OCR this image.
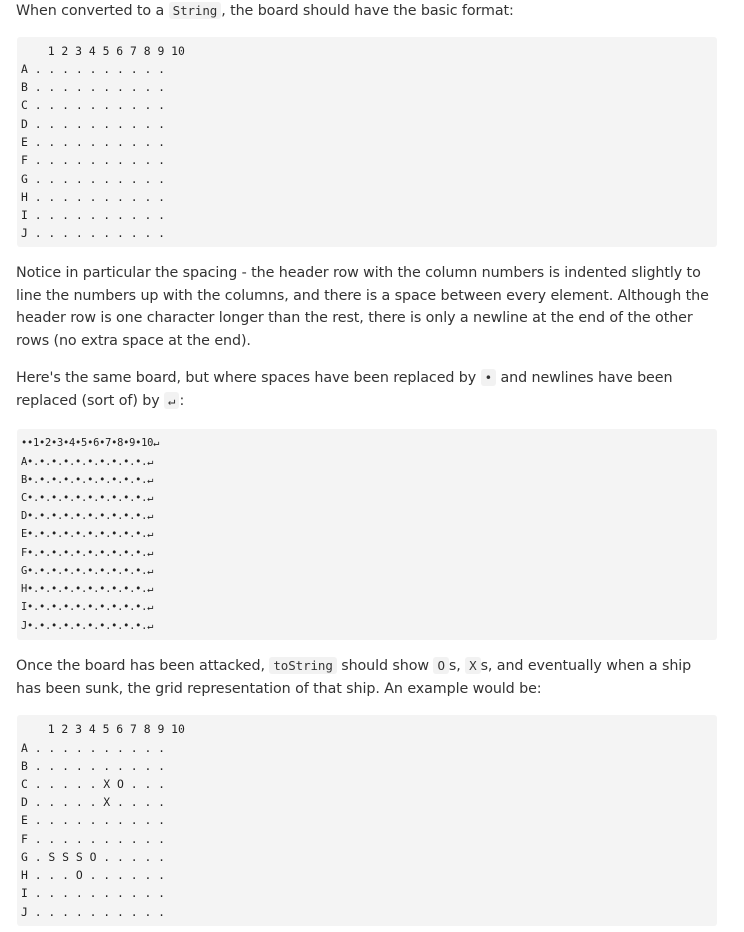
When converted to a String , the board should have the basic format:

1 2 3 4 5 6 7 8 9 10
A . . . . . . . . . .
B . . . . . . . . . .
C . . . . . . . . . .
D . . . . . . . . . .
E . . . . . . . . . .
F . . . . . . . . . .
G . . . . . . . . . .
H . . . . . . . . . .
I . . . . . . . . . .
J . . . . . . . . . .

Notice in particular the spacing - the header row with the column numbers is indented slightly to line the numbers up with the columns, and there is a space between every element. Although the header row is one character longer than the rest, there is only a newline at the end of the other rows (no extra space at the end).

Here's the same board, but where spaces have been replaced by • and newlines have been replaced (sort of) by ↵ :

••1•2•3•4•5•6•7•8•9•10↵
A•.•.•.•.•.•.•.•.•.•.↵
B•.•.•.•.•.•.•.•.•.•.↵
C•.•.•.•.•.•.•.•.•.•.↵
D•.•.•.•.•.•.•.•.•.•.↵
E•.•.•.•.•.•.•.•.•.•.↵
F•.•.•.•.•.•.•.•.•.•.↵
G•.•.•.•.•.•.•.•.•.•.↵
H•.•.•.•.•.•.•.•.•.•.↵
I•.•.•.•.•.•.•.•.•.•.↵
J•.•.•.•.•.•.•.•.•.•.↵

Once the board has been attacked, toString should show O s, X s, and eventually when a ship has been sunk, the grid representation of that ship. An example would be:

1 2 3 4 5 6 7 8 9 10
A . . . . . . . . . .
B . . . . . . . . . .
C . . . . . X O . . .
D . . . . . X . . . .
E . . . . . . . . . .
F . . . . . . . . . .
G . S S S O . . . . .
H . . . O . . . . . .
I . . . . . . . . . .
J . . . . . . . . . .
